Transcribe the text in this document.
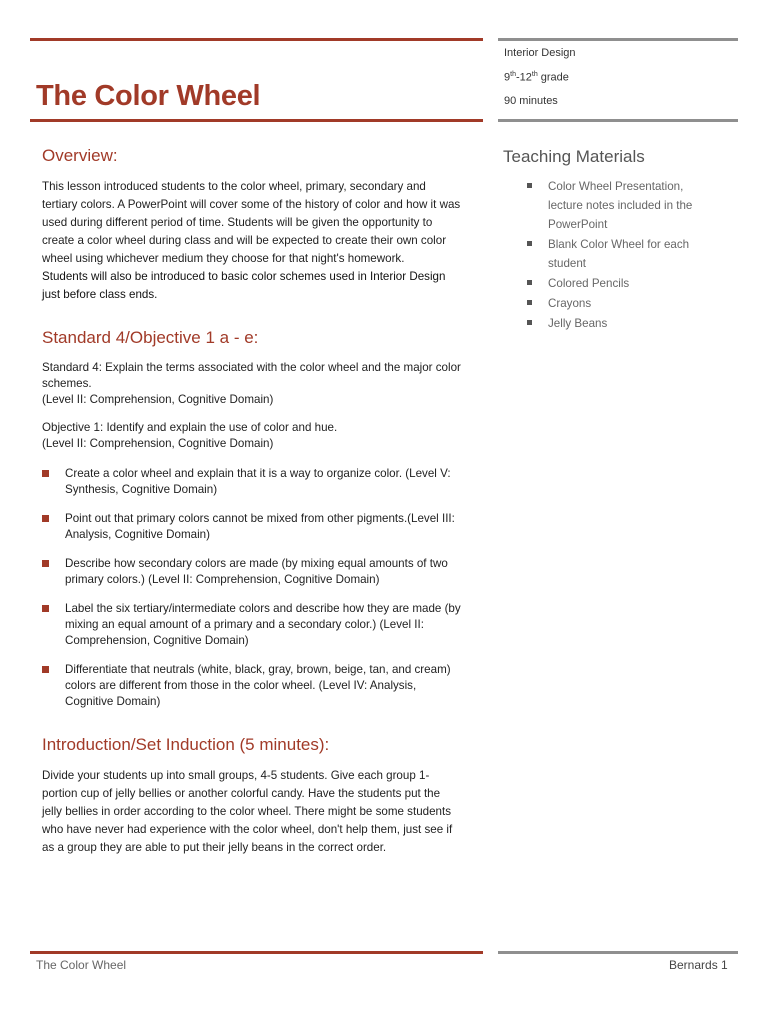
The Color Wheel
Interior Design
9th-12th grade
90 minutes
Overview:

This lesson introduced students to the color wheel, primary, secondary and tertiary colors. A PowerPoint will cover some of the history of color and how it was used during different period of time. Students will be given the opportunity to create a color wheel during class and will be expected to create their own color wheel using whichever medium they choose for that night's homework.

Students will also be introduced to basic color schemes used in Interior Design just before class ends.

Standard 4/Objective 1 a - e:

Standard 4: Explain the terms associated with the color wheel and the major color schemes.
(Level II: Comprehension, Cognitive Domain)

Objective 1: Identify and explain the use of color and hue.
(Level II: Comprehension, Cognitive Domain)

Create a color wheel and explain that it is a way to organize color. (Level V: Synthesis, Cognitive Domain)
Point out that primary colors cannot be mixed from other pigments.(Level III: Analysis, Cognitive Domain)
Describe how secondary colors are made (by mixing equal amounts of two primary colors.) (Level II: Comprehension, Cognitive Domain)
Label the six tertiary/intermediate colors and describe how they are made (by mixing an equal amount of a primary and a secondary color.) (Level II: Comprehension, Cognitive Domain)
Differentiate that neutrals (white, black, gray, brown, beige, tan, and cream) colors are different from those in the color wheel. (Level IV: Analysis, Cognitive Domain)
Introduction/Set Induction (5 minutes):

Divide your students up into small groups, 4-5 students. Give each group 1-portion cup of jelly bellies or another colorful candy. Have the students put the jelly bellies in order according to the color wheel. There might be some students who have never had experience with the color wheel, don't help them, just see if as a group they are able to put their jelly beans in the correct order.

Teaching Materials
Color Wheel Presentation, lecture notes included in the PowerPoint
Blank Color Wheel for each student
Colored Pencils
Crayons
Jelly Beans
The Color Wheel	Bernards 1
